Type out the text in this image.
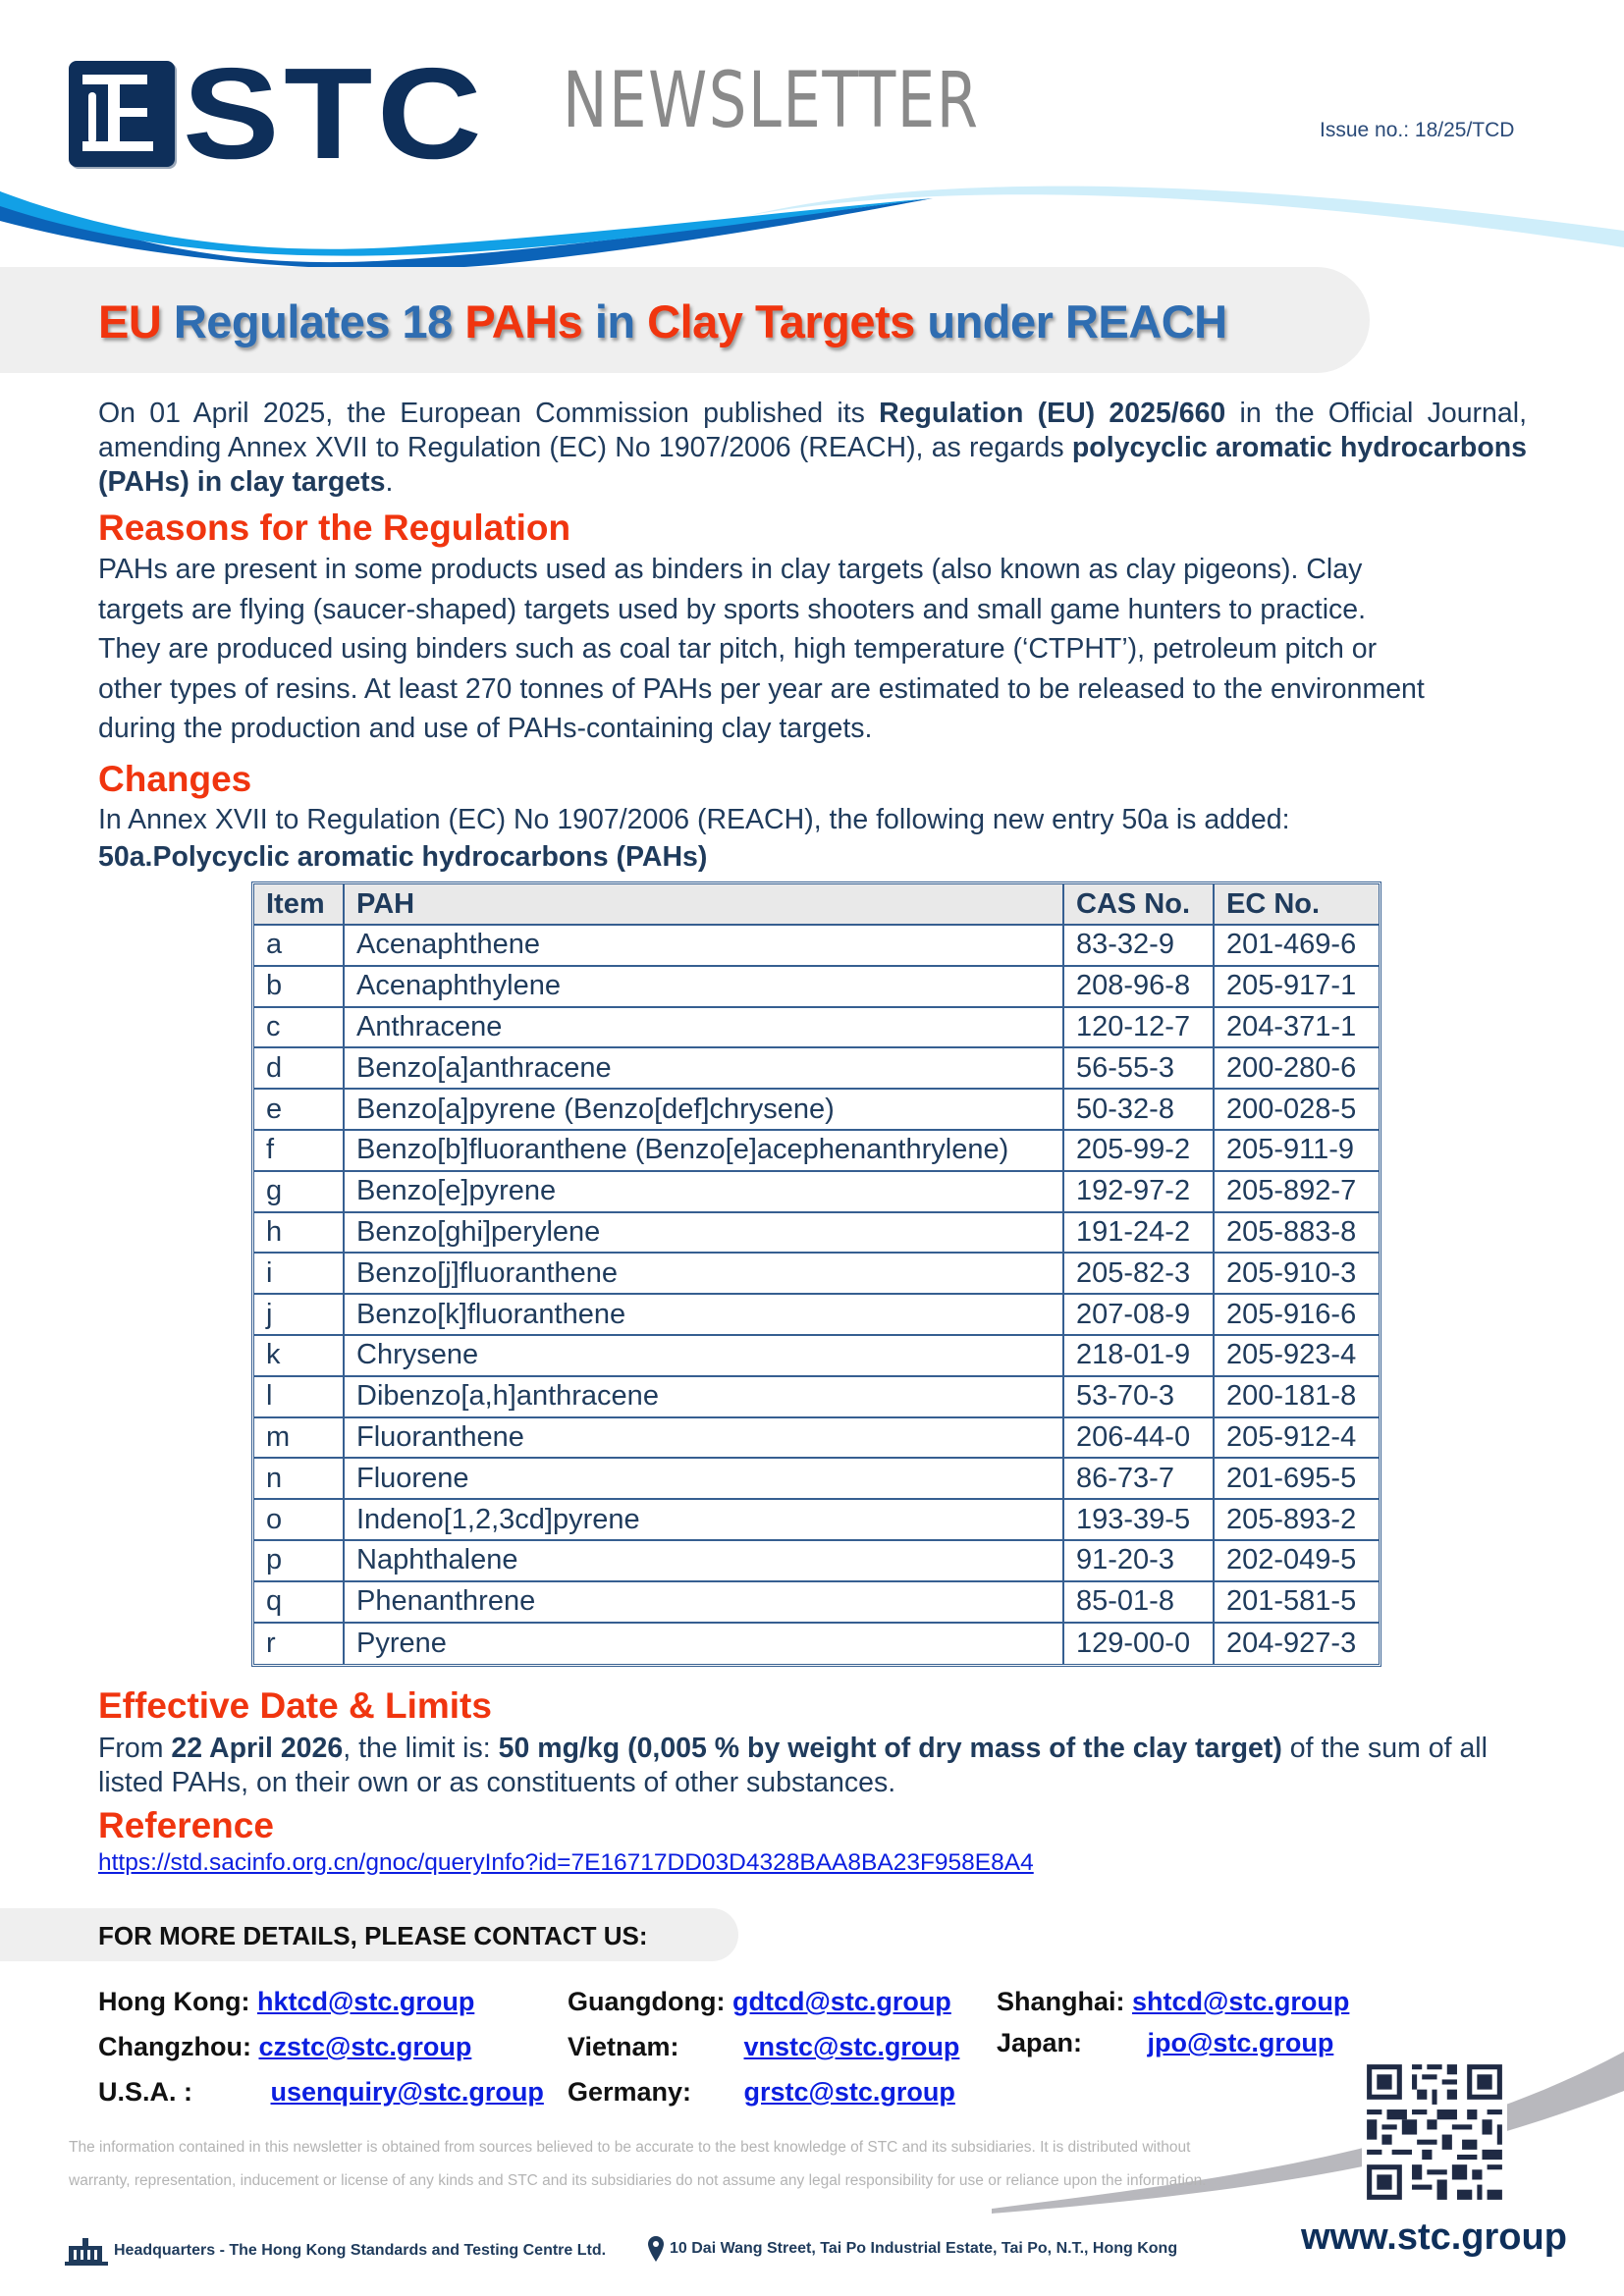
STC NEWSLETTER	Issue no.: 18/25/TCD
EU Regulates 18 PAHs in Clay Targets under REACH

On 01 April 2025, the European Commission published its Regulation (EU) 2025/660 in the Official Journal, amending Annex XVII to Regulation (EC) No 1907/2006 (REACH), as regards polycyclic aromatic hydrocarbons (PAHs) in clay targets.

Reasons for the Regulation

PAHs are present in some products used as binders in clay targets (also known as clay pigeons). Clay
targets are flying (saucer-shaped) targets used by sports shooters and small game hunters to practice.
They are produced using binders such as coal tar pitch, high temperature (‘CTPHT’), petroleum pitch or
other types of resins. At least 270 tonnes of PAHs per year are estimated to be released to the environment
during the production and use of PAHs-containing clay targets.

Changes

In Annex XVII to Regulation (EC) No 1907/2006 (REACH), the following new entry 50a is added:

50a.Polycyclic aromatic hydrocarbons (PAHs)

Item	PAH	CAS No.	EC No.
a	Acenaphthene	83-32-9	201-469-6
b	Acenaphthylene	208-96-8	205-917-1
c	Anthracene	120-12-7	204-371-1
d	Benzo[a]anthracene	56-55-3	200-280-6
e	Benzo[a]pyrene (Benzo[def]chrysene)	50-32-8	200-028-5
f	Benzo[b]fluoranthene (Benzo[e]acephenanthrylene)	205-99-2	205-911-9
g	Benzo[e]pyrene	192-97-2	205-892-7
h	Benzo[ghi]perylene	191-24-2	205-883-8
i	Benzo[j]fluoranthene	205-82-3	205-910-3
j	Benzo[k]fluoranthene	207-08-9	205-916-6
k	Chrysene	218-01-9	205-923-4
l	Dibenzo[a,h]anthracene	53-70-3	200-181-8
m	Fluoranthene	206-44-0	205-912-4
n	Fluorene	86-73-7	201-695-5
o	Indeno[1,2,3cd]pyrene	193-39-5	205-893-2
p	Naphthalene	91-20-3	202-049-5
q	Phenanthrene	85-01-8	201-581-5
r	Pyrene	129-00-0	204-927-3
Effective Date & Limits

From 22 April 2026, the limit is: 50 mg/kg (0,005 % by weight of dry mass of the clay target) of the sum of all listed PAHs, on their own or as constituents of other substances.

Reference
https://std.sacinfo.org.cn/gnoc/queryInfo?id=7E16717DD03D4328BAA8BA23F958E8A4
FOR MORE DETAILS, PLEASE CONTACT US:
Hong Kong: hktcd@stc.group	Guangdong: gdtcd@stc.group Shanghai: shtcd@stc.group
Changzhou: czstc@stc.group	Vietnam: vnstc@stc.group Japan: jpo@stc.group
U.S.A. :	usenquiry@stc.group Germany: grstc@stc.group
The information contained in this newsletter is obtained from sources believed to be accurate to the best knowledge of STC and its subsidiaries. It is distributed without
warranty, representation, inducement or license of any kinds and STC and its subsidiaries do not assume any legal responsibility for use or reliance upon the information.
Headquarters - The Hong Kong Standards and Testing Centre Ltd.	10 Dai Wang Street, Tai Po Industrial Estate, Tai Po, N.T., Hong Kong	www.stc.group
